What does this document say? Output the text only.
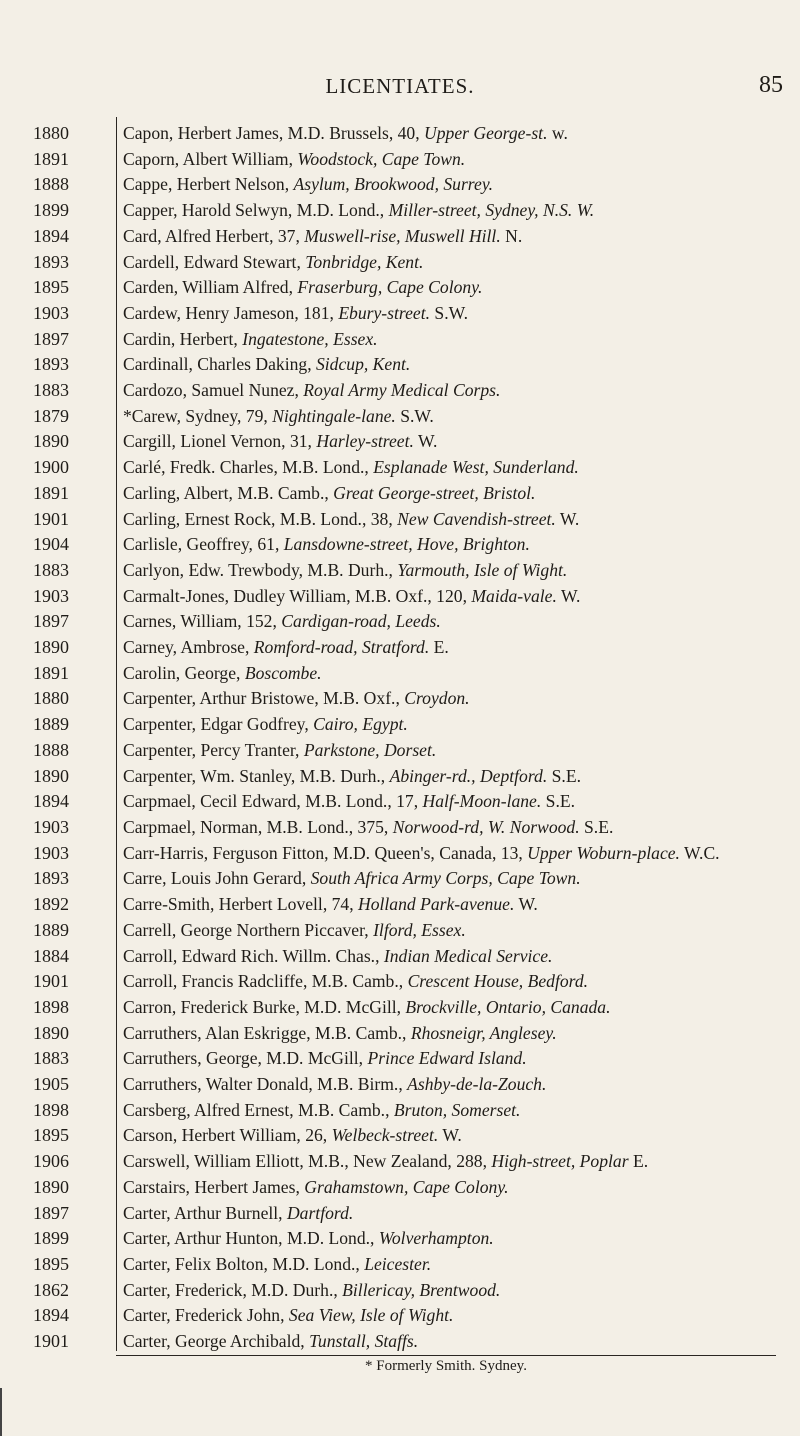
LICENTIATES.	85
1880	Capon, Herbert James, M.D. Brussels, 40, Upper George-st. w.
1891	Caporn, Albert William, Woodstock, Cape Town.
1888	Cappe, Herbert Nelson, Asylum, Brookwood, Surrey.
1899	Capper, Harold Selwyn, M.D. Lond., Miller-street, Sydney, N.S. W.
1894	Card, Alfred Herbert, 37, Muswell-rise, Muswell Hill. N.
1893	Cardell, Edward Stewart, Tonbridge, Kent.
1895	Carden, William Alfred, Fraserburg, Cape Colony.
1903	Cardew, Henry Jameson, 181, Ebury-street. S.W.
1897	Cardin, Herbert, Ingatestone, Essex.
1893	Cardinall, Charles Daking, Sidcup, Kent.
1883	Cardozo, Samuel Nunez, Royal Army Medical Corps.
1879	*Carew, Sydney, 79, Nightingale-lane. S.W.
1890	Cargill, Lionel Vernon, 31, Harley-street. W.
1900	Carlé, Fredk. Charles, M.B. Lond., Esplanade West, Sunderland.
1891	Carling, Albert, M.B. Camb., Great George-street, Bristol.
1901	Carling, Ernest Rock, M.B. Lond., 38, New Cavendish-street. W.
1904	Carlisle, Geoffrey, 61, Lansdowne-street, Hove, Brighton.
1883	Carlyon, Edw. Trewbody, M.B. Durh., Yarmouth, Isle of Wight.
1903	Carmalt-Jones, Dudley William, M.B. Oxf., 120, Maida-vale. W.
1897	Carnes, William, 152, Cardigan-road, Leeds.
1890	Carney, Ambrose, Romford-road, Stratford. E.
1891	Carolin, George, Boscombe.
1880	Carpenter, Arthur Bristowe, M.B. Oxf., Croydon.
1889	Carpenter, Edgar Godfrey, Cairo, Egypt.
1888	Carpenter, Percy Tranter, Parkstone, Dorset.
1890	Carpenter, Wm. Stanley, M.B. Durh., Abinger-rd., Deptford. S.E.
1894	Carpmael, Cecil Edward, M.B. Lond., 17, Half-Moon-lane. S.E.
1903	Carpmael, Norman, M.B. Lond., 375, Norwood-rd, W. Norwood. S.E.
1903	Carr-Harris, Ferguson Fitton, M.D. Queen's, Canada, 13, Upper Woburn-place. W.C.
1893	Carre, Louis John Gerard, South Africa Army Corps, Cape Town.
1892	Carre-Smith, Herbert Lovell, 74, Holland Park-avenue. W.
1889	Carrell, George Northern Piccaver, Ilford, Essex.
1884	Carroll, Edward Rich. Willm. Chas., Indian Medical Service.
1901	Carroll, Francis Radcliffe, M.B. Camb., Crescent House, Bedford.
1898	Carron, Frederick Burke, M.D. McGill, Brockville, Ontario, Canada.
1890	Carruthers, Alan Eskrigge, M.B. Camb., Rhosneigr, Anglesey.
1883	Carruthers, George, M.D. McGill, Prince Edward Island.
1905	Carruthers, Walter Donald, M.B. Birm., Ashby-de-la-Zouch.
1898	Carsberg, Alfred Ernest, M.B. Camb., Bruton, Somerset.
1895	Carson, Herbert William, 26, Welbeck-street. W.
1906	Carswell, William Elliott, M.B., New Zealand, 288, High-street, Poplar E.
1890	Carstairs, Herbert James, Grahamstown, Cape Colony.
1897	Carter, Arthur Burnell, Dartford.
1899	Carter, Arthur Hunton, M.D. Lond., Wolverhampton.
1895	Carter, Felix Bolton, M.D. Lond., Leicester.
1862	Carter, Frederick, M.D. Durh., Billericay, Brentwood.
1894	Carter, Frederick John, Sea View, Isle of Wight.
1901	Carter, George Archibald, Tunstall, Staffs.
* Formerly Smith. Sydney.
